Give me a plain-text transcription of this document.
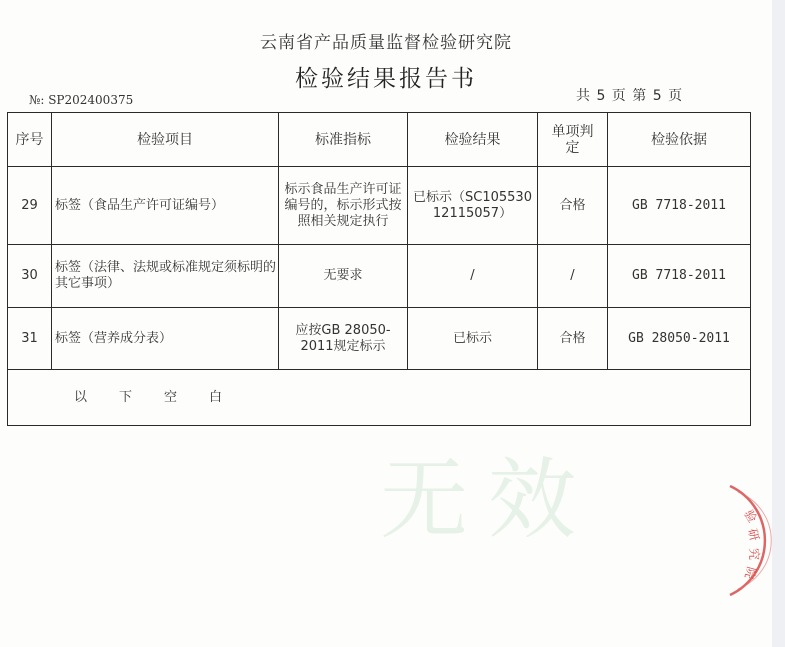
云南省产品质量监督检验研究院
检验结果报告书
№: SP202400375	共 5 页 第 5 页
序号	检验项目	标准指标	检验结果	单项判定	检验依据
29	标签（食品生产许可证编号）	标示食品生产许可证编号的，标示形式按照相关规定执行	已标示（SC10553012115057）	合格	GB 7718-2011
30	标签（法律、法规或标准规定须标明的其它事项）	无要求	/	/	GB 7718-2011
31	标签（营养成分表）	应按GB 28050-2011规定标示	已标示	合格	GB 28050-2011
以 下 空 白					
无效	验
研
究
院
